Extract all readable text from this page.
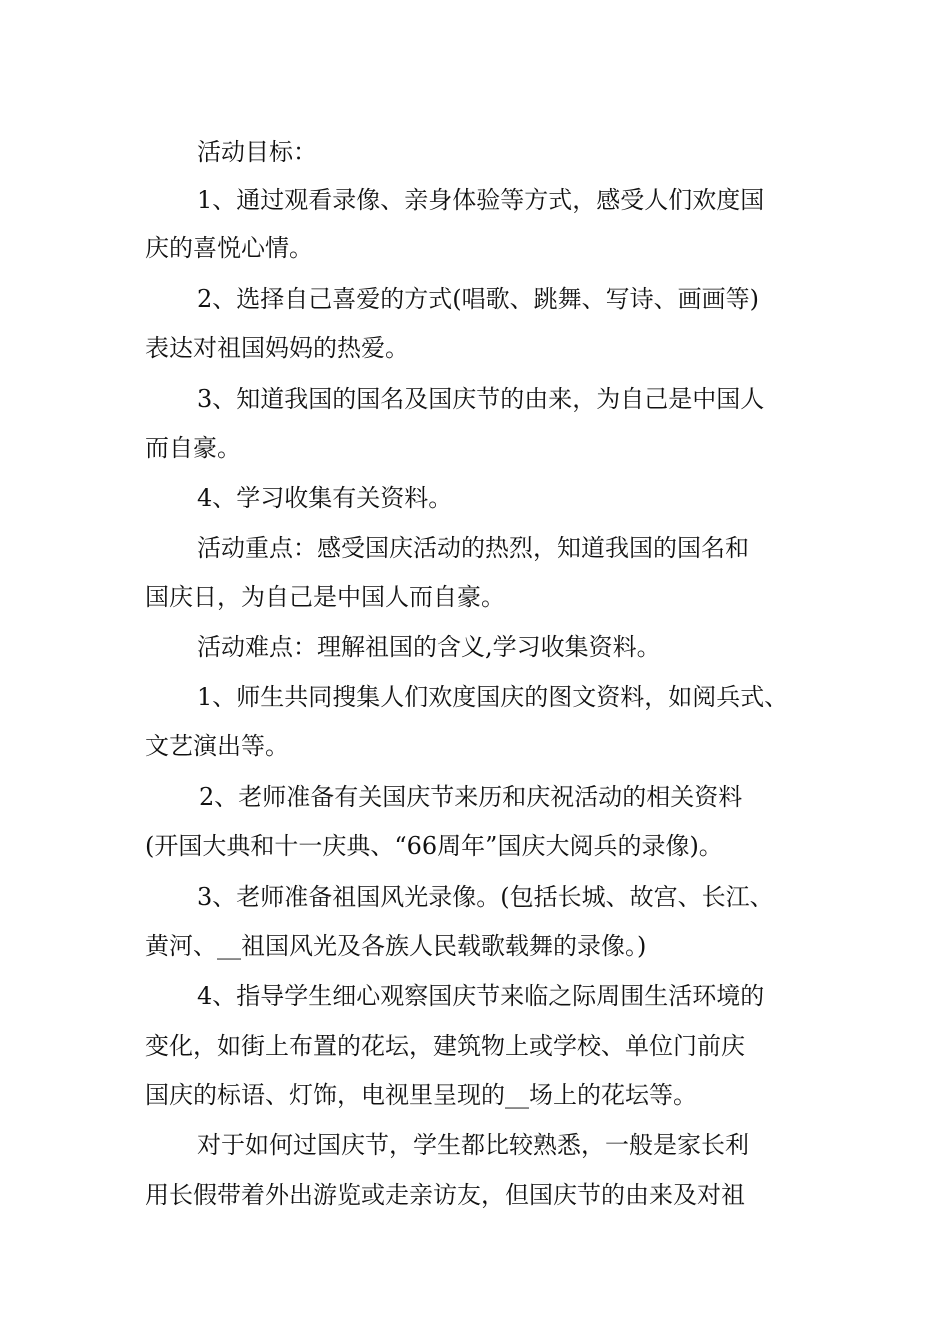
活动目标：
1、通过观看录像、亲身体验等方式，感受人们欢度国
庆的喜悦心情。
2、选择自己喜爱的方式(唱歌、跳舞、写诗、画画等)
表达对祖国妈妈的热爱。
3、知道我国的国名及国庆节的由来，为自己是中国人
而自豪。
4、学习收集有关资料。
活动重点：感受国庆活动的热烈，知道我国的国名和
国庆日，为自己是中国人而自豪。
活动难点：理解祖国的含义,学习收集资料。
1、师生共同搜集人们欢度国庆的图文资料，如阅兵式、
文艺演出等。
2、老师准备有关国庆节来历和庆祝活动的相关资料
(开国大典和十一庆典、“66周年”国庆大阅兵的录像)。
3、老师准备祖国风光录像。(包括长城、故宫、长江、
黄河、__祖国风光及各族人民载歌载舞的录像。)
4、指导学生细心观察国庆节来临之际周围生活环境的
变化，如街上布置的花坛，建筑物上或学校、单位门前庆
国庆的标语、灯饰，电视里呈现的__场上的花坛等。
对于如何过国庆节，学生都比较熟悉，一般是家长利
用长假带着外出游览或走亲访友，但国庆节的由来及对祖
